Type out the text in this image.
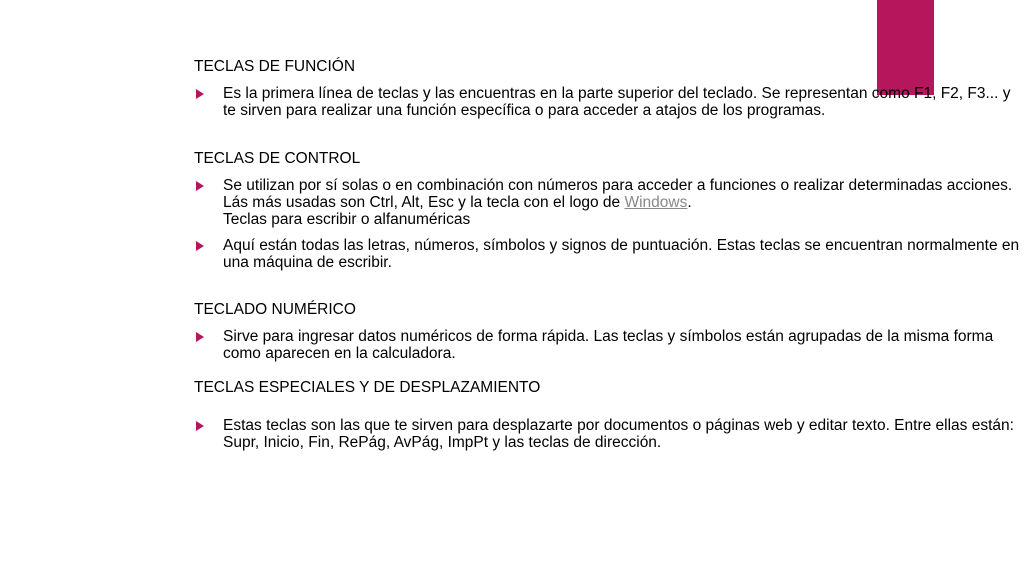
TECLAS DE FUNCIÓN

Es la primera línea de teclas y las encuentras en la parte superior del teclado. Se representan como F1, F2, F3... y te sirven para realizar una función específica o para acceder a atajos de los programas.

TECLAS DE CONTROL

Se utilizan por sí solas o en combinación con números para acceder a funciones o realizar determinadas acciones. Lás más usadas son Ctrl, Alt, Esc y la tecla con el logo de Windows.
Teclas para escribir o alfanuméricas
Aquí están todas las letras, números, símbolos y signos de puntuación. Estas teclas se encuentran normalmente en una máquina de escribir.

TECLADO NUMÉRICO

Sirve para ingresar datos numéricos de forma rápida. Las teclas y símbolos están agrupadas de la misma forma como aparecen en la calculadora.

TECLAS ESPECIALES Y DE DESPLAZAMIENTO

Estas teclas son las que te sirven para desplazarte por documentos o páginas web y editar texto. Entre ellas están: Supr, Inicio, Fin, RePág, AvPág, ImpPt y las teclas de dirección.
